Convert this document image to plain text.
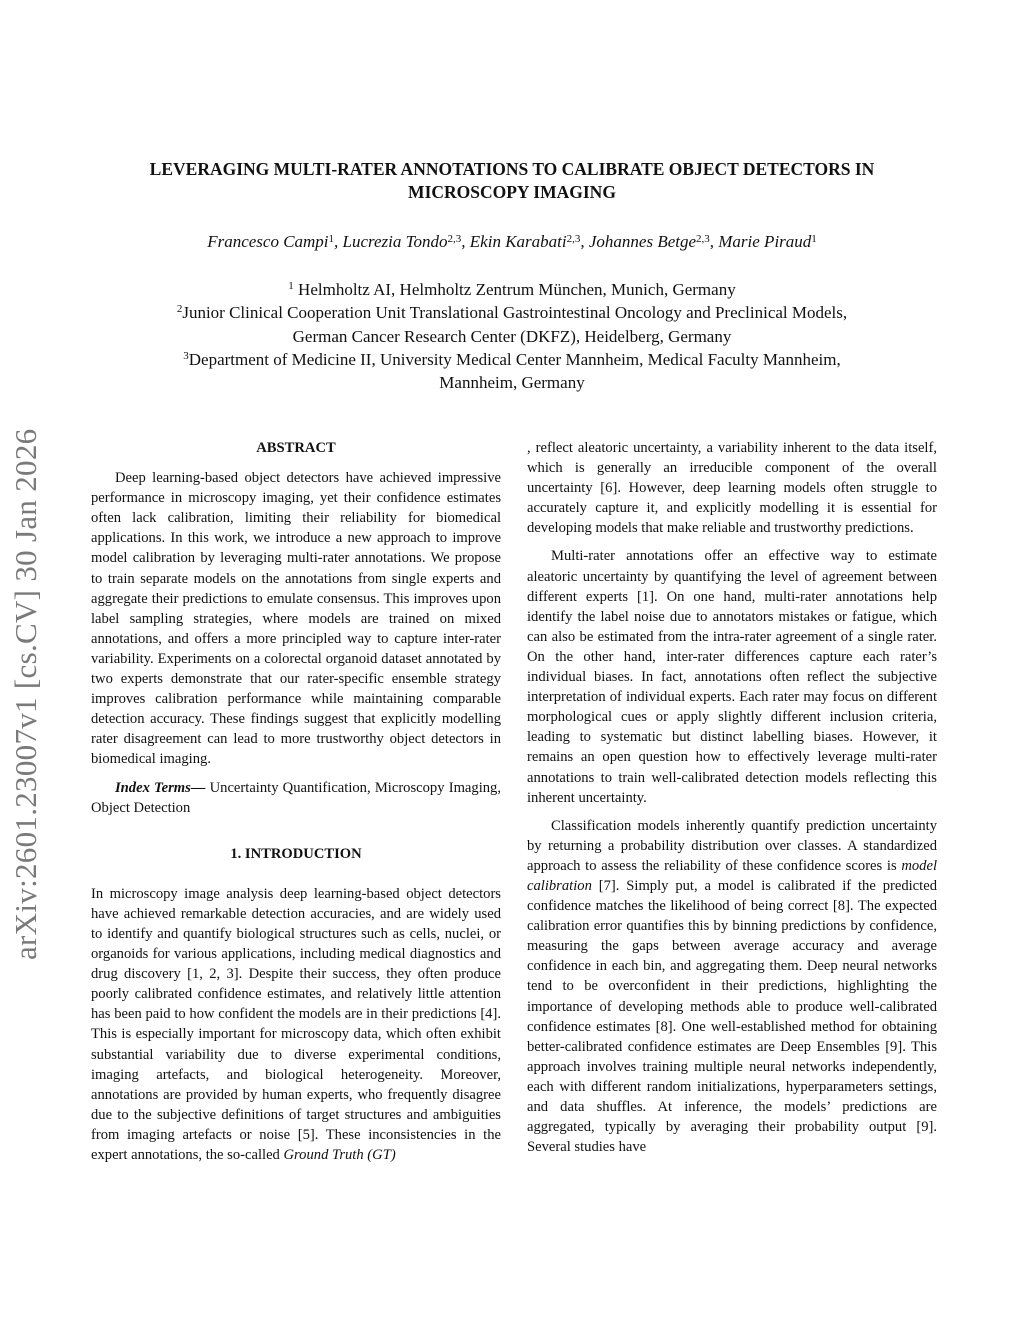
arXiv:2601.23007v1 [cs.CV] 30 Jan 2026
LEVERAGING MULTI-RATER ANNOTATIONS TO CALIBRATE OBJECT DETECTORS IN
MICROSCOPY IMAGING
Francesco Campi$^1$, Lucrezia Tondo$^{2,3}$, Ekin Karabati$^{2,3}$, Johannes Betge$^{2,3}$, Marie Piraud$^1$
$^1$ Helmholtz AI, Helmholtz Zentrum München, Munich, Germany
$^2$Junior Clinical Cooperation Unit Translational Gastrointestinal Oncology and Preclinical Models,
German Cancer Research Center (DKFZ), Heidelberg, Germany
$^3$Department of Medicine II, University Medical Center Mannheim, Medical Faculty Mannheim,
Mannheim, Germany
ABSTRACT

Deep learning-based object detectors have achieved impressive performance in microscopy imaging, yet their confidence estimates often lack calibration, limiting their reliability for biomedical applications. In this work, we introduce a new approach to improve model calibration by leveraging multi-rater annotations. We propose to train separate models on the annotations from single experts and aggregate their predictions to emulate consensus. This improves upon label sampling strategies, where models are trained on mixed annotations, and offers a more principled way to capture inter-rater variability. Experiments on a colorectal organoid dataset annotated by two experts demonstrate that our rater-specific ensemble strategy improves calibration performance while maintaining comparable detection accuracy. These findings suggest that explicitly modelling rater disagreement can lead to more trustworthy object detectors in biomedical imaging.

Index Terms— Uncertainty Quantification, Microscopy Imaging, Object Detection

1. INTRODUCTION

In microscopy image analysis deep learning-based object detectors have achieved remarkable detection accuracies, and are widely used to identify and quantify biological structures such as cells, nuclei, or organoids for various applications, including medical diagnostics and drug discovery [1, 2, 3]. Despite their success, they often produce poorly calibrated confidence estimates, and relatively little attention has been paid to how confident the models are in their predictions [4]. This is especially important for microscopy data, which often exhibit substantial variability due to diverse experimental conditions, imaging artefacts, and biological heterogeneity. Moreover, annotations are provided by human experts, who frequently disagree due to the subjective definitions of target structures and ambiguities from imaging artefacts or noise [5]. These inconsistencies in the expert annotations, the so-called Ground Truth (GT)

, reflect aleatoric uncertainty, a variability inherent to the data itself, which is generally an irreducible component of the overall uncertainty [6]. However, deep learning models often struggle to accurately capture it, and explicitly modelling it is essential for developing models that make reliable and trustworthy predictions.

Multi-rater annotations offer an effective way to estimate aleatoric uncertainty by quantifying the level of agreement between different experts [1]. On one hand, multi-rater annotations help identify the label noise due to annotators mistakes or fatigue, which can also be estimated from the intra-rater agreement of a single rater. On the other hand, inter-rater differences capture each rater’s individual biases. In fact, annotations often reflect the subjective interpretation of individual experts. Each rater may focus on different morphological cues or apply slightly different inclusion criteria, leading to systematic but distinct labelling biases. However, it remains an open question how to effectively leverage multi-rater annotations to train well-calibrated detection models reflecting this inherent uncertainty.

Classification models inherently quantify prediction uncertainty by returning a probability distribution over classes. A standardized approach to assess the reliability of these confidence scores is model calibration [7]. Simply put, a model is calibrated if the predicted confidence matches the likelihood of being correct [8]. The expected calibration error quantifies this by binning predictions by confidence, measuring the gaps between average accuracy and average confidence in each bin, and aggregating them. Deep neural networks tend to be overconfident in their predictions, highlighting the importance of developing methods able to produce well-calibrated confidence estimates [8]. One well-established method for obtaining better-calibrated confidence estimates are Deep Ensembles [9]. This approach involves training multiple neural networks independently, each with different random initializations, hyperparameters settings, and data shuffles. At inference, the models’ predictions are aggregated, typically by averaging their probability output [9]. Several studies have
